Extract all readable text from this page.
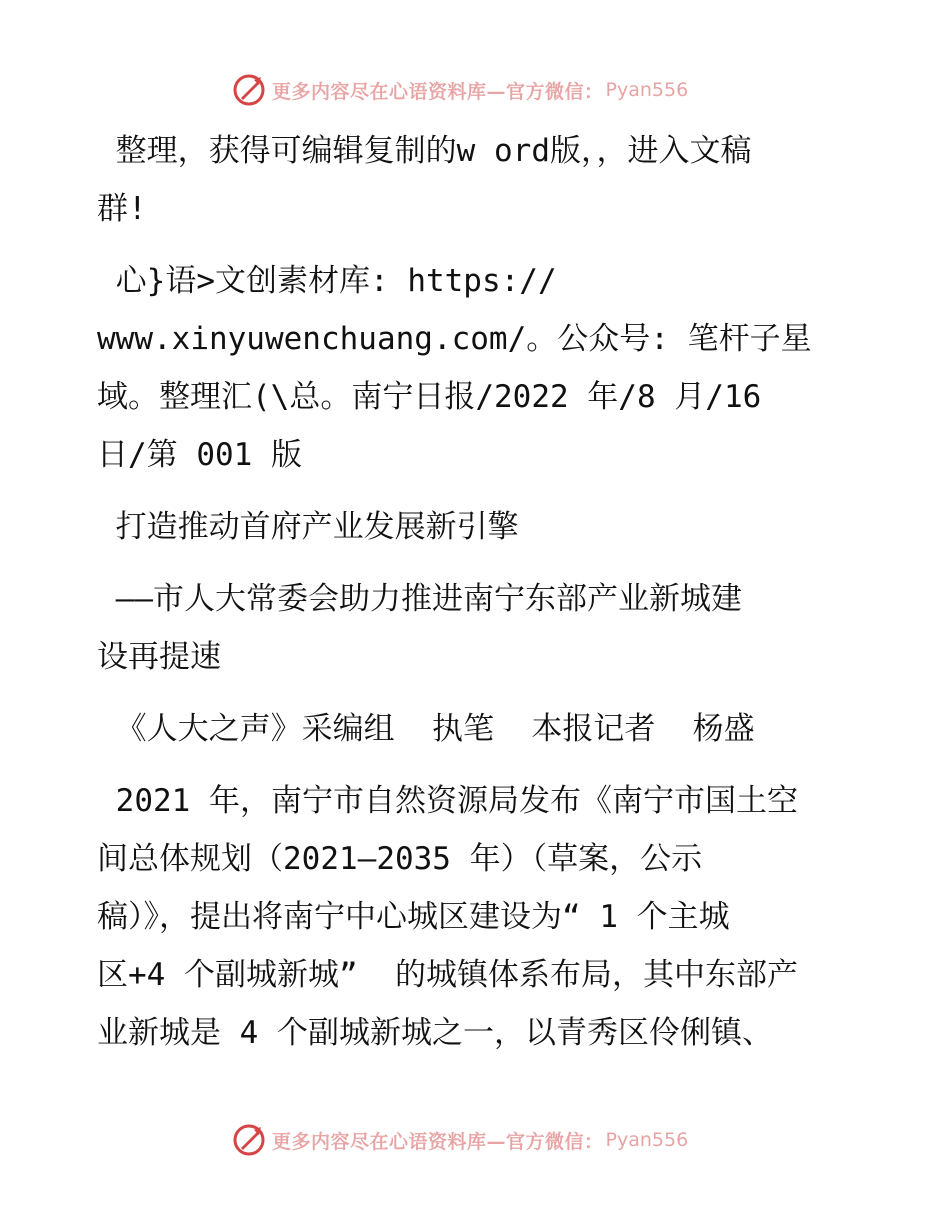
更多内容尽在心语资料库—官方微信： Pyan556
整理，获得可编辑复制的w ord版，，进入文稿
群!
心}语>文创素材库: https://
www.xinyuwenchuang.com/。公众号: 笔杆子星
域。整理汇(\总。南宁日报/2022 年/8 月/16
日/第 001 版
打造推动首府产业发展新引擎
——市人大常委会助力推进南宁东部产业新城建
设再提速
《人大之声》采编组  执笔  本报记者  杨盛
2021 年，南宁市自然资源局发布《南宁市国土空
间总体规划（2021—2035 年）（草案，公示
稿）》，提出将南宁中心城区建设为“ 1 个主城
区+4 个副城新城”  的城镇体系布局，其中东部产
业新城是 4 个副城新城之一，以青秀区伶俐镇、
更多内容尽在心语资料库—官方微信： Pyan556
